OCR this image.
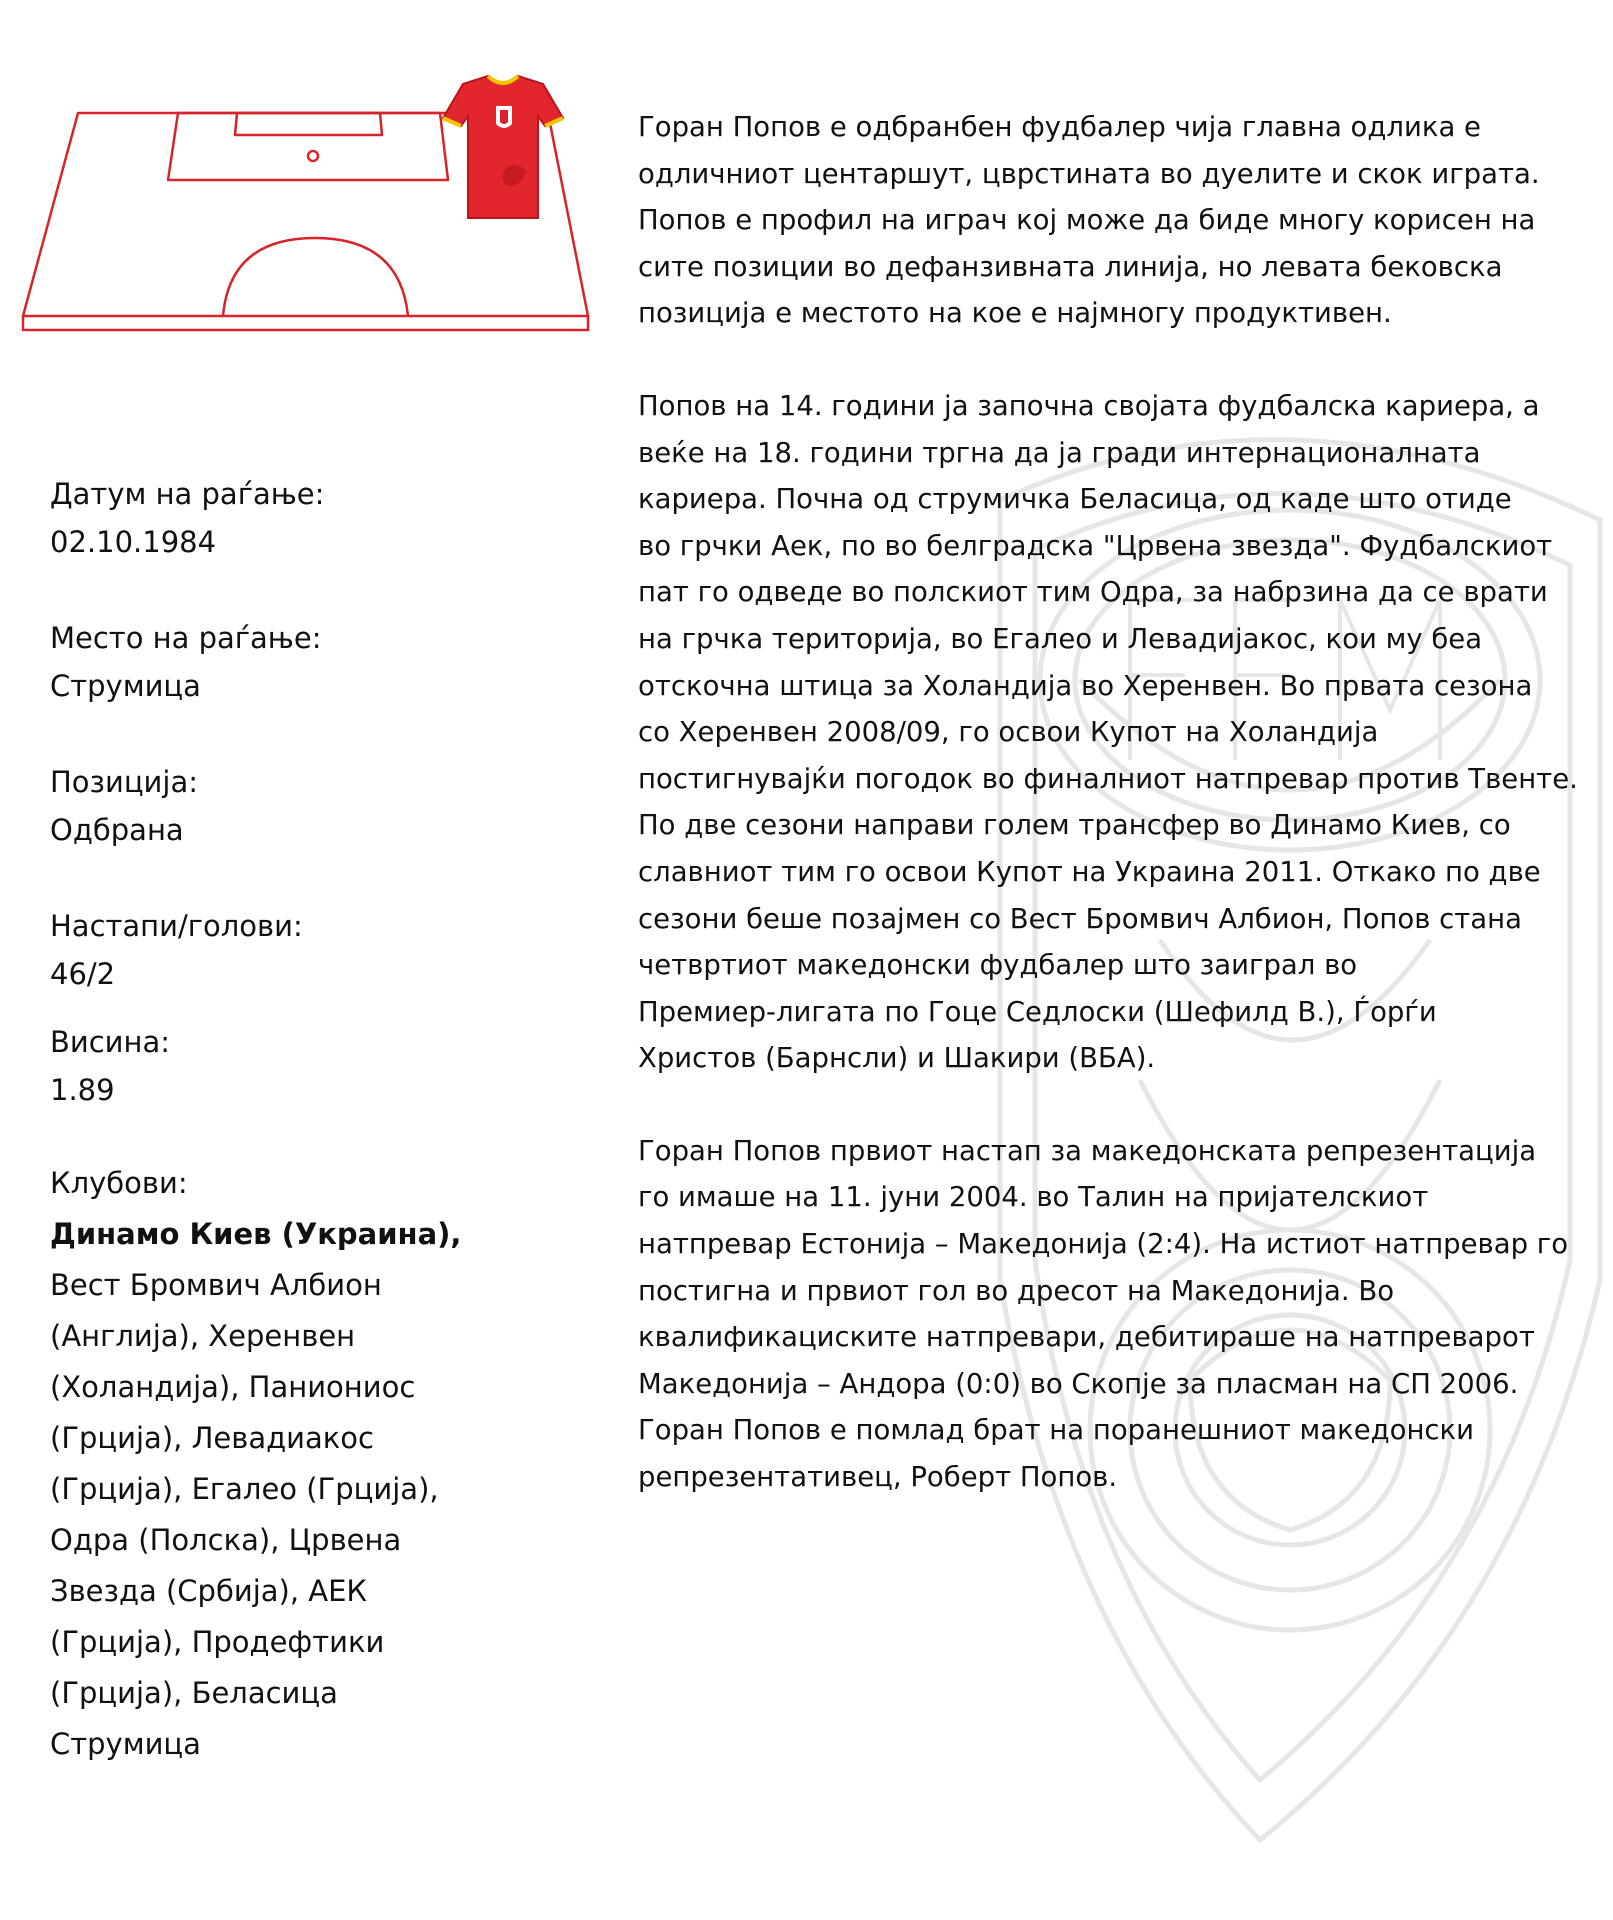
Датум на раѓање:
02.10.1984
Место на раѓање:
Струмица
Позиција:
Одбрана
Настапи/голови:
46/2
Висина:
1.89
Клубови:
Динамо Киев (Украина), Вест Бромвич Албион (Англија), Херенвен (Холандија), Паниониос (Грција), Левадиакос (Грција), Егалео (Грција), Одра (Полска), Црвена Звезда (Србија), АЕК (Грција), Продефтики (Грција), Беласица Струмица

Горан Попов е одбранбен фудбалер чија главна одлика е
одличниот центаршут, цврстината во дуелите и скок играта.
Попов е профил на играч кој може да биде многу корисен на
сите позиции во дефанзивната линија, но левата бековска
позиција е местото на кое е најмногу продуктивен.

Попов на 14. години ја започна својата фудбалска кариера, а
веќе на 18. години тргна да ја гради интернационалната
кариера. Почна од струмичка Беласица, од каде што отиде
во грчки Аек, по во белградска "Црвена звезда". Фудбалскиот
пат го одведе во полскиот тим Одра, за набрзина да се врати
на грчка територија, во Егалео и Левадијакос, кои му беа
отскочна штица за Холандија во Херенвен. Во првата сезона
со Херенвен 2008/09, го освои Купот на Холандија
постигнувајќи погодок во финалниот натпревар против Твенте.
По две сезони направи голем трансфер во Динамо Киев, со
славниот тим го освои Купот на Украина 2011. Откако по две
сезони беше позајмен со Вест Бромвич Албион, Попов стана
четвртиот македонски фудбалер што заиграл во
Премиер-лигата по Гоце Седлоски (Шефилд В.), Ѓорѓи
Христов (Барнсли) и Шакири (ВБА).

Горан Попов првиот настап за македонската репрезентација
го имаше на 11. јуни 2004. во Талин на пријателскиот
натпревар Естонија – Македонија (2:4). На истиот натпревар го
постигна и првиот гол во дресот на Македонија. Во
квалификациските натпревари, дебитираше на натпреварот
Македонија – Андора (0:0) во Скопје за пласман на СП 2006.
Горан Попов е помлад брат на поранешниот македонски
репрезентативец, Роберт Попов.
